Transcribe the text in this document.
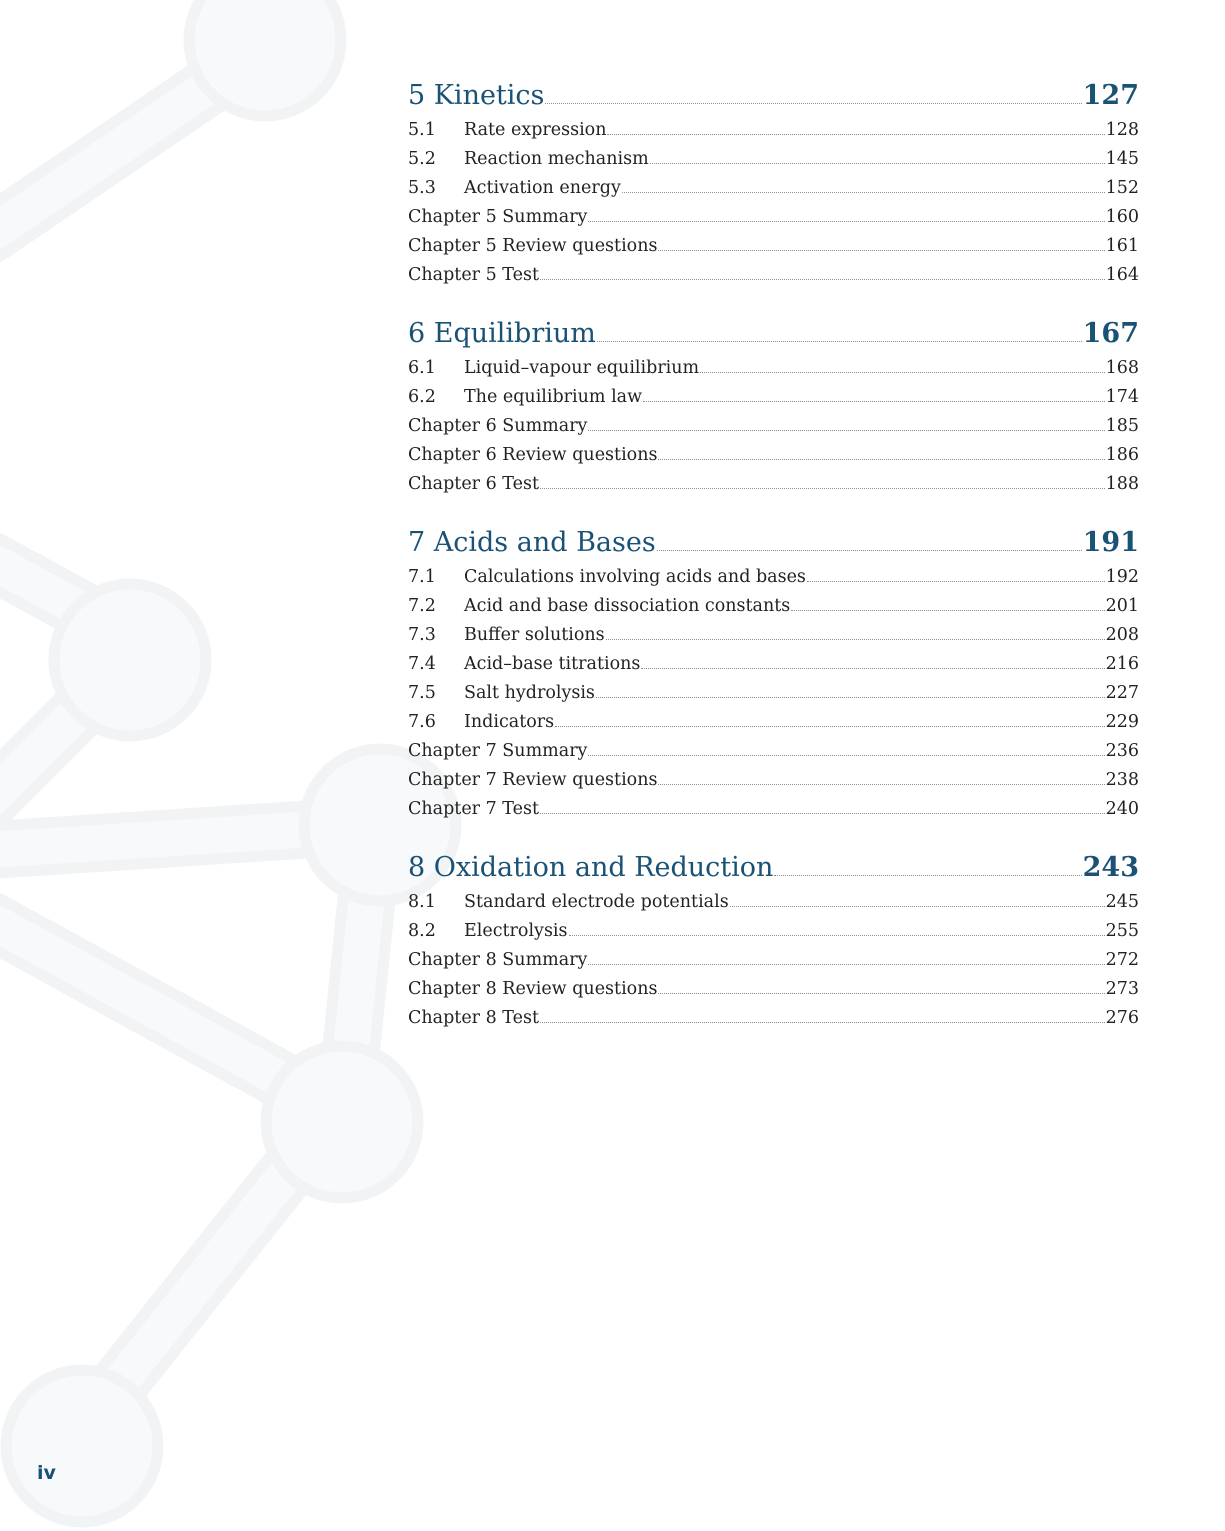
5 Kinetics	127
5.1	Rate expression	128
5.2	Reaction mechanism	145
5.3	Activation energy	152
Chapter 5 Summary	160
Chapter 5 Review questions	161
Chapter 5 Test	164
6 Equilibrium	167
6.1	Liquid–vapour equilibrium	168
6.2	The equilibrium law	174
Chapter 6 Summary	185
Chapter 6 Review questions	186
Chapter 6 Test	188
7 Acids and Bases	191
7.1	Calculations involving acids and bases	192
7.2	Acid and base dissociation constants	201
7.3	Buffer solutions	208
7.4	Acid–base titrations	216
7.5	Salt hydrolysis	227
7.6	Indicators	229
Chapter 7 Summary	236
Chapter 7 Review questions	238
Chapter 7 Test	240
8 Oxidation and Reduction	243
8.1	Standard electrode potentials	245
8.2	Electrolysis	255
Chapter 8 Summary	272
Chapter 8 Review questions	273
Chapter 8 Test	276
iv
